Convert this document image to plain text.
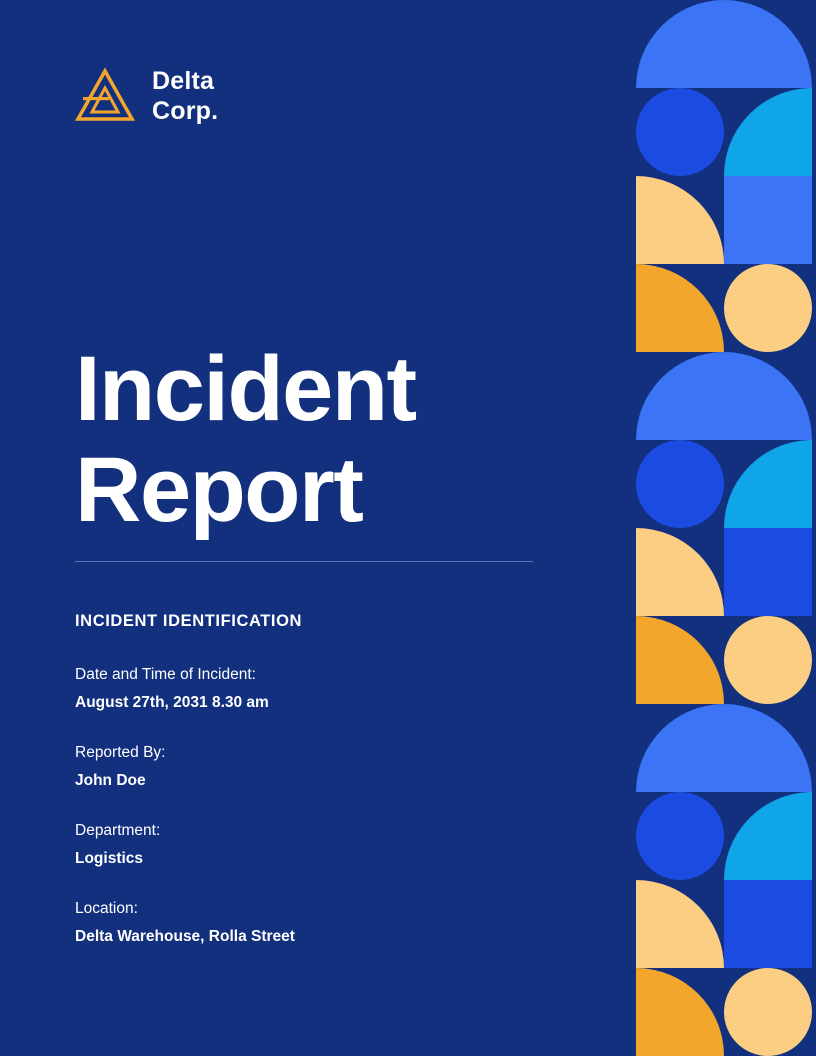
Delta
Corp.
Incident
Report
INCIDENT IDENTIFICATION
Date and Time of Incident:
August 27th, 2031 8.30 am
Reported By:
John Doe
Department:
Logistics
Location:
Delta Warehouse, Rolla Street
